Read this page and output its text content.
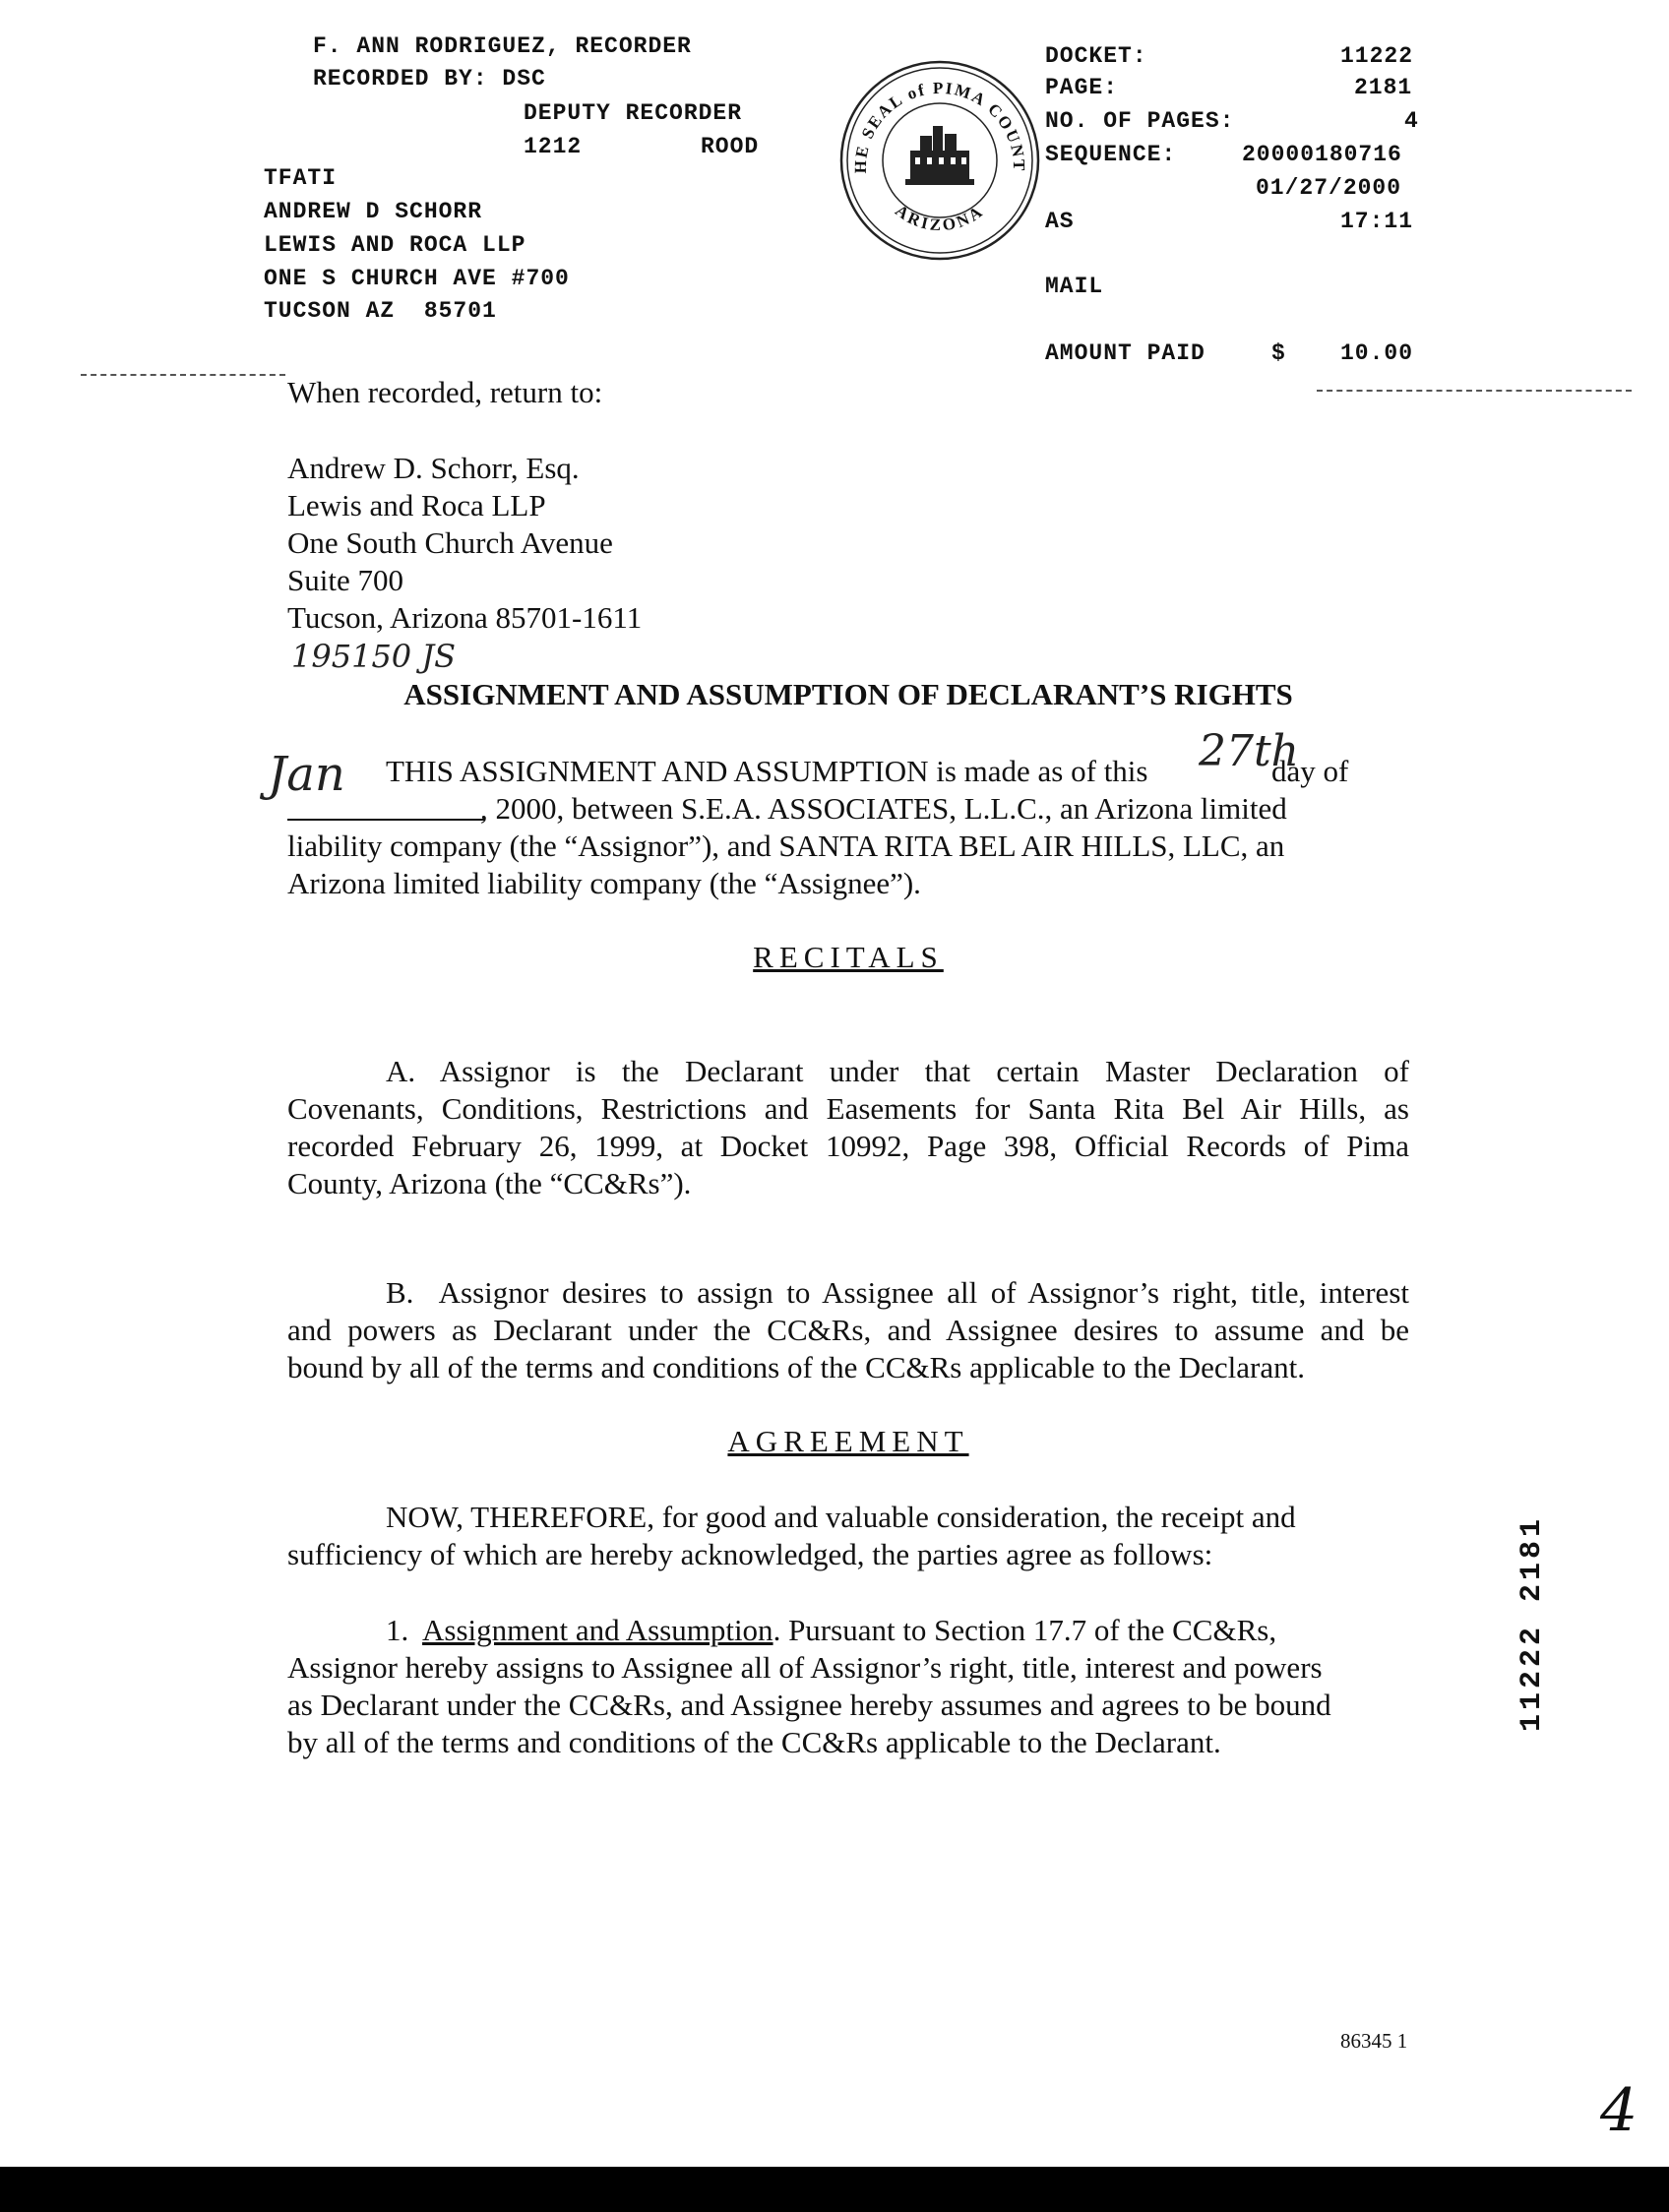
F. ANN RODRIGUEZ, RECORDER
RECORDED BY: DSC
DEPUTY RECORDER
1212	ROOD
TFATI
ANDREW D SCHORR
LEWIS AND ROCA LLP
ONE S CHURCH AVE #700
TUCSON AZ  85701
HE SEAL of PIMA COUNT
ARIZONA
DOCKET:	11222
PAGE:	2181
NO. OF PAGES:	4
SEQUENCE:	20000180716
01/27/2000
AS	17:11
MAIL
AMOUNT PAID	$ 10.00
When recorded, return to:
Andrew D. Schorr, Esq.
Lewis and Roca LLP
One South Church Avenue
Suite 700
Tucson, Arizona 85701-1611
195150 JS
ASSIGNMENT AND ASSUMPTION OF DECLARANT’S RIGHTS
THIS ASSIGNMENT AND ASSUMPTION is made as of this 27th
day of
Jan
, 2000, between S.E.A. ASSOCIATES, L.L.C., an Arizona limited
liability company (the “Assignor”), and SANTA RITA BEL AIR HILLS, LLC, an
Arizona limited liability company (the “Assignee”).
RECITALS
A. Assignor is the Declarant under that certain Master Declaration of
Covenants, Conditions, Restrictions and Easements for Santa Rita Bel Air Hills, as
recorded February 26, 1999, at Docket 10992, Page 398, Official Records of Pima
County, Arizona (the “CC&Rs”).
B.  Assignor desires to assign to Assignee all of Assignor’s right, title, interest
and powers as Declarant under the CC&Rs, and Assignee desires to assume and be
bound by all of the terms and conditions of the CC&Rs applicable to the Declarant.
AGREEMENT
NOW, THEREFORE, for good and valuable consideration, the receipt and
sufficiency of which are hereby acknowledged, the parties agree as follows:
1. Assignment and Assumption. Pursuant to Section 17.7 of the CC&Rs,
Assignor hereby assigns to Assignee all of Assignor’s right, title, interest and powers
as Declarant under the CC&Rs, and Assignee hereby assumes and agrees to be bound
by all of the terms and conditions of the CC&Rs applicable to the Declarant.
11222 2181
86345 1
4
